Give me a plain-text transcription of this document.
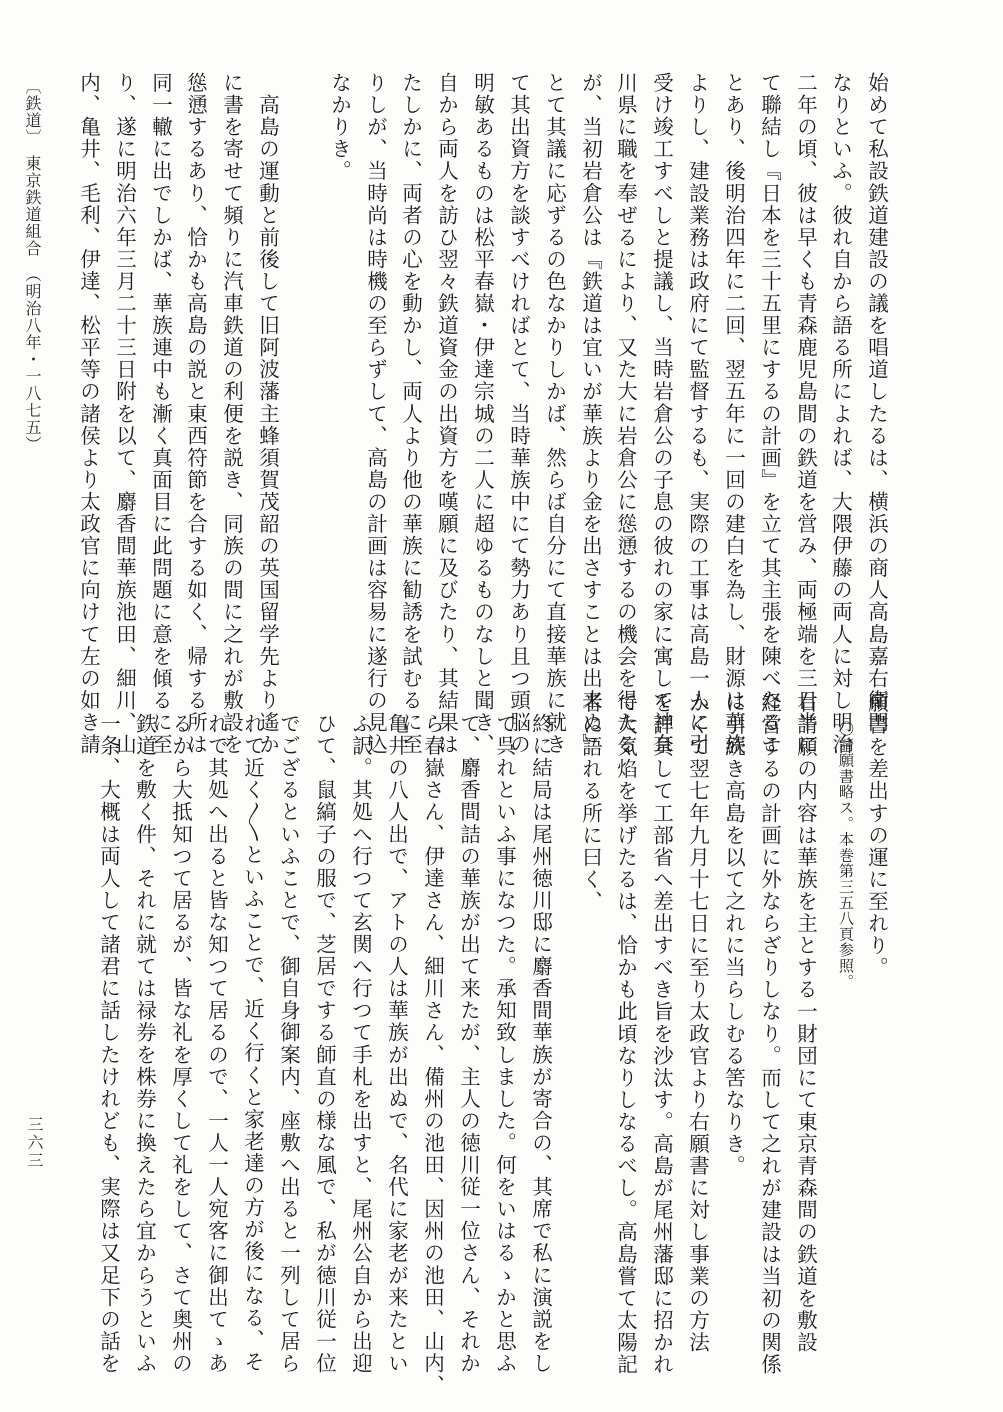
始めて私設鉄道建設の議を唱道したるは、横浜の商人高島嘉右衛門
なりといふ。彼れ自から語る所によれば、大隈伊藤の両人に対し明治
二年の頃、彼は早くも青森鹿児島間の鉄道を営み、両極端を三日半に
て聯結し『日本を三十五里にするの計画』を立て其主張を陳べたるこ
とあり、後明治四年に二回、翌五年に一回の建白を為し、財源は華族
よりし、建設業務は政府にて監督するも、実際の工事は高島一人に引
受け竣工すべしと提議し、当時岩倉公の子息の彼れの家に寓して神奈
川県に職を奉ぜるにより、又た大に岩倉公に慫慂するの機会を得たる
が、当初岩倉公は『鉄道は宜いが華族より金を出さすことは出来ぬ』
とて其議に応ずるの色なかりしかば、然らば自分にて直接華族に就き
て其出資方を談すべければとて、当時華族中にて勢力あり且つ頭脳の
明敏あるものは松平春嶽・伊達宗城の二人に超ゆるものなしと聞き、
自から両人を訪ひ翌々鉄道資金の出資方を嘆願に及びたり、其結果は
たしかに、両者の心を動かし、両人より他の華族に勧誘を試むるに至
りしが、当時尚は時機の至らずして、高島の計画は容易に遂行の見込
なかりき。
　高島の運動と前後して旧阿波藩主蜂須賀茂韶の英国留学先より遙か
に書を寄せて頻りに汽車鉄道の利便を説き、同族の間に之れが敷設を
慫慂するあり、恰かも高島の説と東西符節を合する如く、帰する所は
同一轍に出でしかば、華族連中も漸く真面目に此問題に意を傾るに至
り、遂に明治六年三月二十三日附を以て、麝香間華族池田、細川、山
内、亀井、毛利、伊達、松平等の諸侯より太政官に向けて左の如き請
〔鉄道〕　東京鉄道組合　（明治八年・一八七五）
願書を差出すの運に至れり。
　〇請願書略ス。本巻第三五八頁参照。
右請願の内容は華族を主とする一財団にて東京青森間の鉄道を敷設
経営するの計画に外ならざりしなり。而して之れが建設は当初の関係
に引続き高島を以て之れに当らしむる筈なりき。
かくて翌七年九月十七日に至り太政官より右願書に対し事業の方法
を詳具して工部省へ差出すべき旨を沙汰す。高島が尾州藩邸に招かれ
て大気焰を挙げたるは、恰かも此頃なりしなるべし。高島嘗て太陽記
者に語れる所に曰く、
終に結局は尾州徳川邸に麝香間華族が寄合の、其席で私に演説をし
て呉れといふ事になつた。承知致しました。何をいはるゝかと思ふ
て、麝香間詰の華族が出て来たが、主人の徳川従一位さん、それか
ら春嶽さん、伊達さん、細川さん、備州の池田、因州の池田、山内、
亀井の八人出で、アトの人は華族が出ぬで、名代に家老が来たとい
ふ訳。其処へ行つて玄関へ行つて手札を出すと、尾州公自から出迎
ひて、鼠縞子の服で、芝居でする師直の様な風で、私が徳川従一位
でござるといふことで、御自身御案内、座敷へ出ると一列して居ら
れて近く〳〵といふことで、近く行くと家老達の方が後になる、そ
れで其処へ出ると皆な知つて居るので、一人一人宛客に御出てゝあ
るから大抵知つて居るが、皆な礼を厚くして礼をして、さて奥州の
鉄道を敷く件、それに就ては禄券を株券に換えたら宜からうといふ
一条、大概は両人して諸君に話したけれども、実際は又足下の話を
三六三
